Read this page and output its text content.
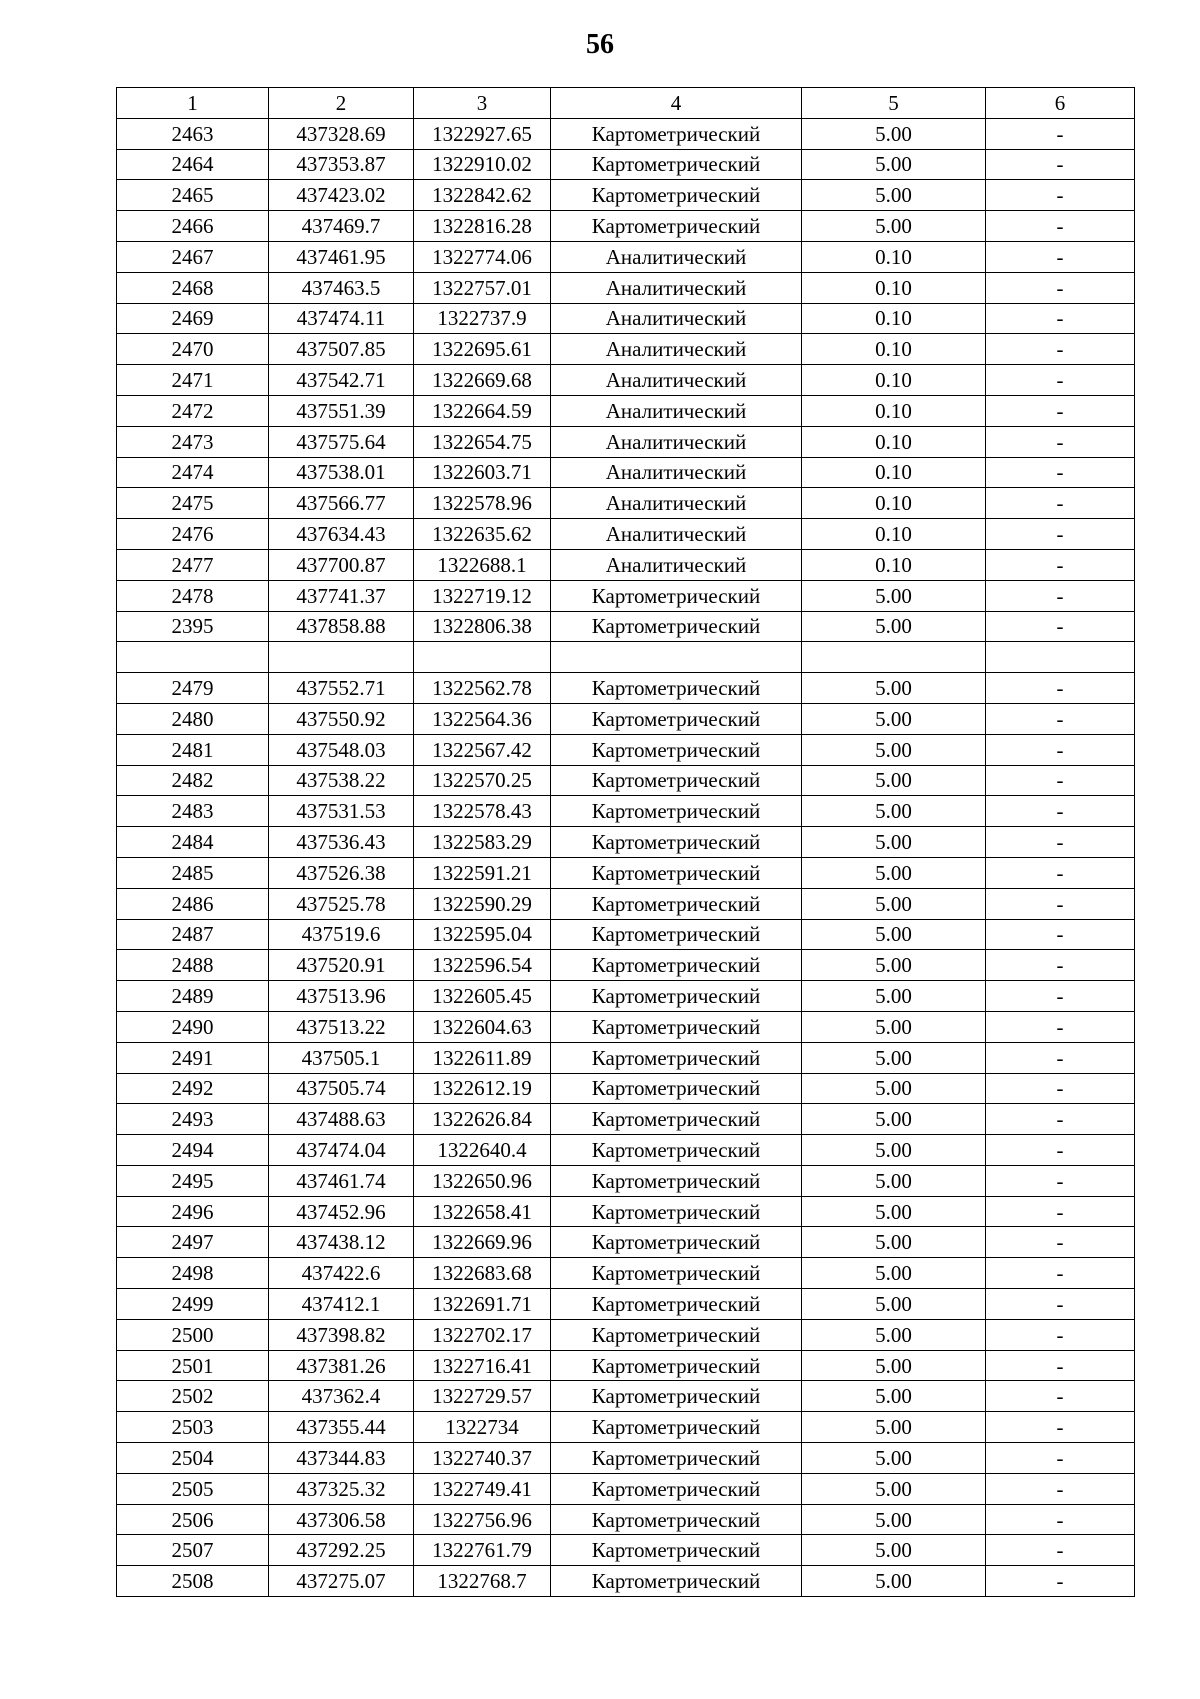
56
1	2	3	4	5	6
2463	437328.69	1322927.65	Картометрический	5.00	-
2464	437353.87	1322910.02	Картометрический	5.00	-
2465	437423.02	1322842.62	Картометрический	5.00	-
2466	437469.7	1322816.28	Картометрический	5.00	-
2467	437461.95	1322774.06	Аналитический	0.10	-
2468	437463.5	1322757.01	Аналитический	0.10	-
2469	437474.11	1322737.9	Аналитический	0.10	-
2470	437507.85	1322695.61	Аналитический	0.10	-
2471	437542.71	1322669.68	Аналитический	0.10	-
2472	437551.39	1322664.59	Аналитический	0.10	-
2473	437575.64	1322654.75	Аналитический	0.10	-
2474	437538.01	1322603.71	Аналитический	0.10	-
2475	437566.77	1322578.96	Аналитический	0.10	-
2476	437634.43	1322635.62	Аналитический	0.10	-
2477	437700.87	1322688.1	Аналитический	0.10	-
2478	437741.37	1322719.12	Картометрический	5.00	-
2395	437858.88	1322806.38	Картометрический	5.00	-

2479	437552.71	1322562.78	Картометрический	5.00	-
2480	437550.92	1322564.36	Картометрический	5.00	-
2481	437548.03	1322567.42	Картометрический	5.00	-
2482	437538.22	1322570.25	Картометрический	5.00	-
2483	437531.53	1322578.43	Картометрический	5.00	-
2484	437536.43	1322583.29	Картометрический	5.00	-
2485	437526.38	1322591.21	Картометрический	5.00	-
2486	437525.78	1322590.29	Картометрический	5.00	-
2487	437519.6	1322595.04	Картометрический	5.00	-
2488	437520.91	1322596.54	Картометрический	5.00	-
2489	437513.96	1322605.45	Картометрический	5.00	-
2490	437513.22	1322604.63	Картометрический	5.00	-
2491	437505.1	1322611.89	Картометрический	5.00	-
2492	437505.74	1322612.19	Картометрический	5.00	-
2493	437488.63	1322626.84	Картометрический	5.00	-
2494	437474.04	1322640.4	Картометрический	5.00	-
2495	437461.74	1322650.96	Картометрический	5.00	-
2496	437452.96	1322658.41	Картометрический	5.00	-
2497	437438.12	1322669.96	Картометрический	5.00	-
2498	437422.6	1322683.68	Картометрический	5.00	-
2499	437412.1	1322691.71	Картометрический	5.00	-
2500	437398.82	1322702.17	Картометрический	5.00	-
2501	437381.26	1322716.41	Картометрический	5.00	-
2502	437362.4	1322729.57	Картометрический	5.00	-
2503	437355.44	1322734	Картометрический	5.00	-
2504	437344.83	1322740.37	Картометрический	5.00	-
2505	437325.32	1322749.41	Картометрический	5.00	-
2506	437306.58	1322756.96	Картометрический	5.00	-
2507	437292.25	1322761.79	Картометрический	5.00	-
2508	437275.07	1322768.7	Картометрический	5.00	-
